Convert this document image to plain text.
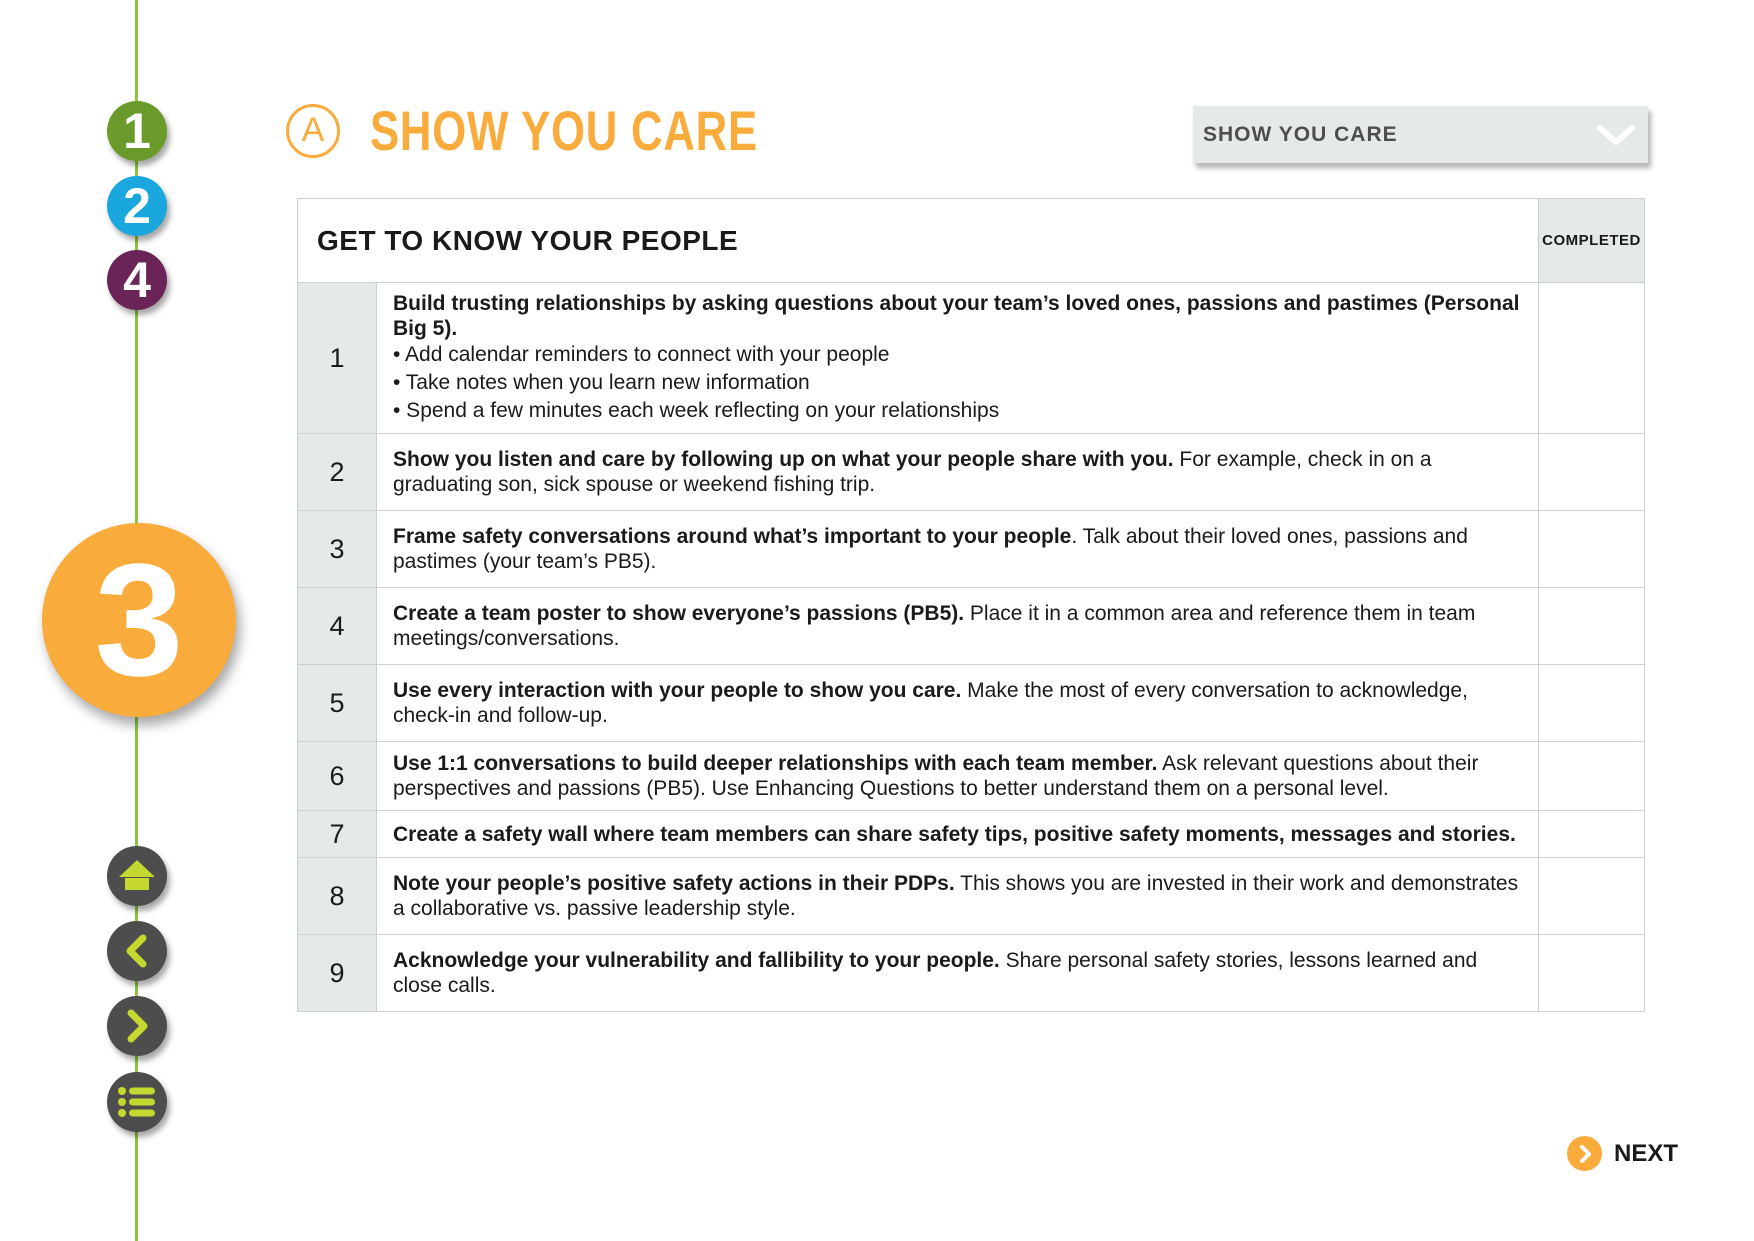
1
2
4
3
A SHOW YOU CARE	SHOW YOU CARE
GET TO KNOW YOUR PEOPLE		COMPLETED
1	Build trusting relationships by asking questions about your team’s loved ones, passions and pastimes (Personal Big 5).
• Add calendar reminders to connect with your people
• Take notes when you learn new information
• Spend a few minutes each week reflecting on your relationships	

2	Show you listen and care by following up on what your people share with you. For example, check in on a graduating son, sick spouse or weekend fishing trip.	
3	Frame safety conversations around what’s important to your people. Talk about their loved ones, passions and pastimes (your team’s PB5).	
4	Create a team poster to show everyone’s passions (PB5). Place it in a common area and reference them in team meetings/conversations.	
5	Use every interaction with your people to show you care. Make the most of every conversation to acknowledge, check-in and follow-up.	
6	Use 1:1 conversations to build deeper relationships with each team member. Ask relevant questions about their perspectives and passions (PB5). Use Enhancing Questions to better understand them on a personal level.	
7	Create a safety wall where team members can share safety tips, positive safety moments, messages and stories.	
8	Note your people’s positive safety actions in their PDPs. This shows you are invested in their work and demonstrates a collaborative vs. passive leadership style.	
9	Acknowledge your vulnerability and fallibility to your people. Share personal safety stories, lessons learned and close calls.	
NEXT
